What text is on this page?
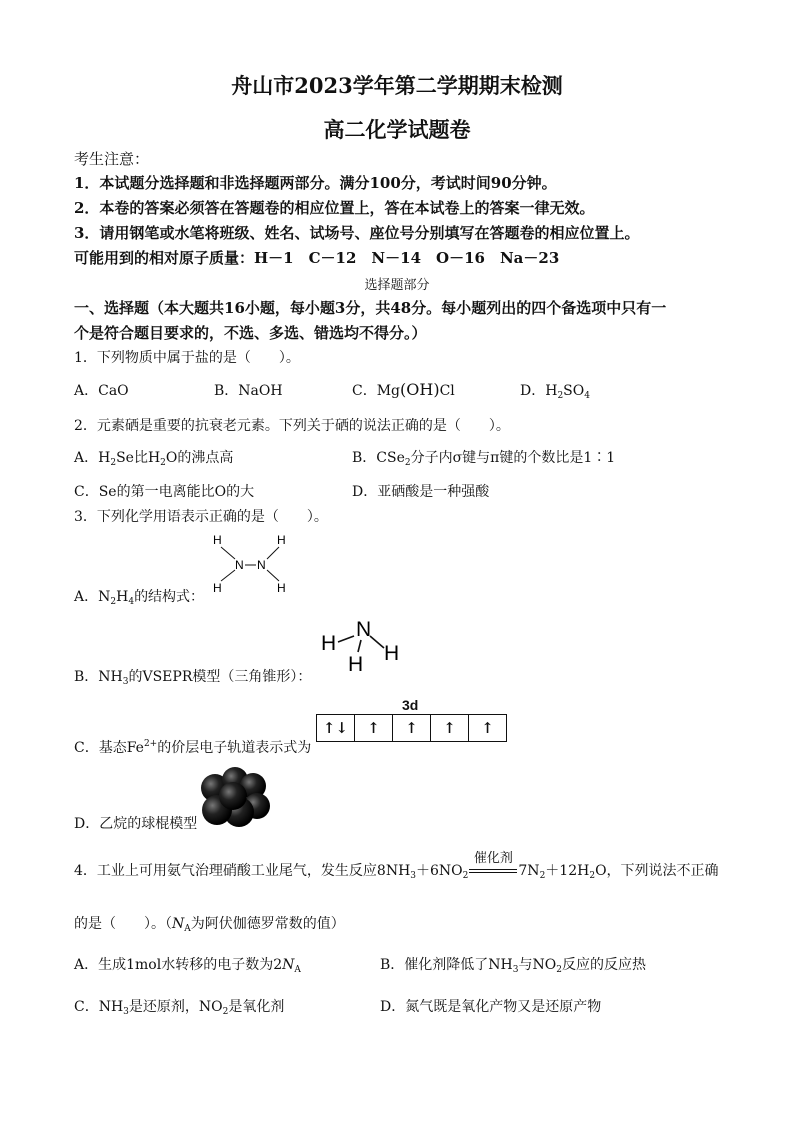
舟山市2023学年第二学期期末检测
高二化学试题卷
考生注意：
1．本试题分选择题和非选择题两部分。满分100分，考试时间90分钟。
2．本卷的答案必须答在答题卷的相应位置上，答在本试卷上的答案一律无效。
3．请用钢笔或水笔将班级、姓名、试场号、座位号分别填写在答题卷的相应位置上。
可能用到的相对原子质量：H－1　C－12　N－14　O－16　Na－23
选择题部分
一、选择题（本大题共16小题，每小题3分，共48分。每小题列出的四个备选项中只有一
个是符合题目要求的，不选、多选、错选均不得分。）
1．下列物质中属于盐的是（　　）。
A．CaO	B．NaOH	C．Mg(OH)Cl	D．$H_2SO_4$
2．元素硒是重要的抗衰老元素。下列关于硒的说法正确的是（　　）。
A．$H_2Se$比$H_2O$的沸点高	B．CSe$_2$分子内σ键与π键的个数比是1∶1
C．Se的第一电离能比O的大	D．亚硒酸是一种强酸
3．下列化学用语表示正确的是（　　）。
H	H
N N
H	H
A．$N_2H_4$的结构式：
N
H
H H
B．$NH_3$的VSEPR模型（三角锥形）：
3d
↑↓	↑	↑	↑	↑
C．基态$Fe^{2+}$的价层电子轨道表示式为
D．乙烷的球棍模型
4．工业上可用氨气治理硝酸工业尾气，发生反应$8NH_3+6NO_2$
催化剂
$7N_2+12H_2O$，下列说法不正确
的是（　　）。（$N_A$为阿伏伽德罗常数的值）
A．生成1mol水转移的电子数为$2N_A$	B．催化剂降低了$NH_3$与$NO_2$反应的反应热
C．$NH_3$是还原剂，$NO_2$是氧化剂	D．氮气既是氧化产物又是还原产物
